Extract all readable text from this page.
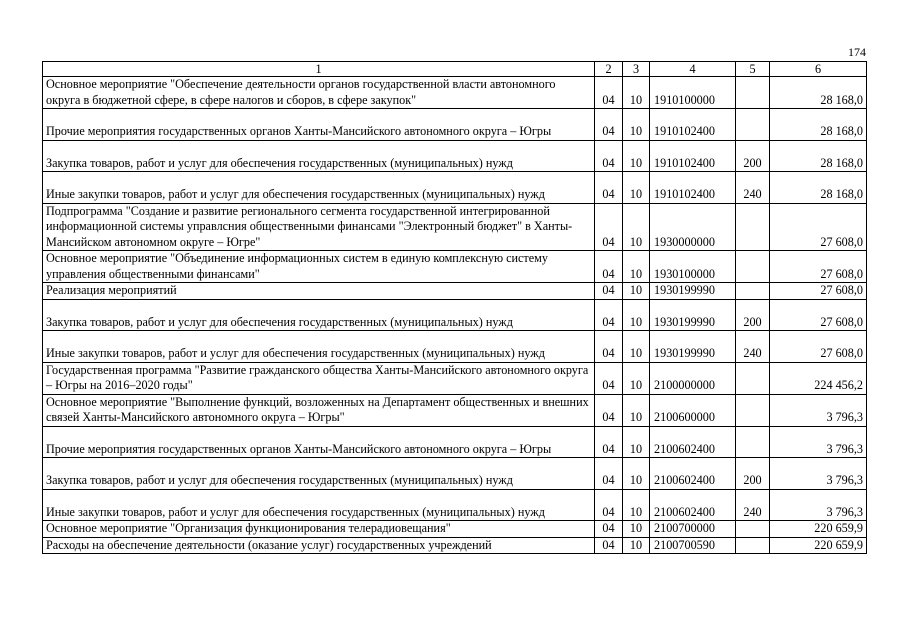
174
1	2	3	4	5	6
Основное мероприятие "Обеспечение деятельности органов государственной власти автономного округа в бюджетной сфере, в сфере налогов и сборов, в сфере закупок"	04	10	1910100000		28 168,0
Прочие мероприятия государственных органов Ханты-Мансийского автономного округа – Югры	04	10	1910102400		28 168,0
Закупка товаров, работ и услуг для обеспечения государственных (муниципальных) нужд	04	10	1910102400	200	28 168,0
Иные закупки товаров, работ и услуг для обеспечения государственных (муниципальных) нужд	04	10	1910102400	240	28 168,0
Подпрограмма "Создание и развитие регионального сегмента государственной интегрированной информационной системы управлсния общественными финансами "Электронный бюджет" в Ханты-Мансийском автономном округе – Югре"	04	10	1930000000		27 608,0
Основное мероприятие "Объединение информационных систем в единую комплексную систему управления общественными финансами"	04	10	1930100000		27 608,0
Реализация мероприятий	04	10	1930199990		27 608,0
Закупка товаров, работ и услуг для обеспечения государственных (муниципальных) нужд	04	10	1930199990	200	27 608,0
Иные закупки товаров, работ и услуг для обеспечения государственных (муниципальных) нужд	04	10	1930199990	240	27 608,0
Государственная программа "Развитие гражданского общества Ханты-Мансийского автономного округа – Югры на 2016–2020 годы"	04	10	2100000000		224 456,2
Основное мероприятие "Выполнение функций, возложенных на Департамент общественных и внешних связей Ханты-Мансийского автономного округа – Югры"	04	10	2100600000		3 796,3
Прочие мероприятия государственных органов Ханты-Мансийского автономного округа – Югры	04	10	2100602400		3 796,3
Закупка товаров, работ и услуг для обеспечения государственных (муниципальных) нужд	04	10	2100602400	200	3 796,3
Иные закупки товаров, работ и услуг для обеспечения государственных (муниципальных) нужд	04	10	2100602400	240	3 796,3
Основное мероприятие "Организация функционирования телерадиовещания"	04	10	2100700000		220 659,9
Расходы на обеспечение деятельности (оказание услуг) государственных учреждений	04	10	2100700590		220 659,9
